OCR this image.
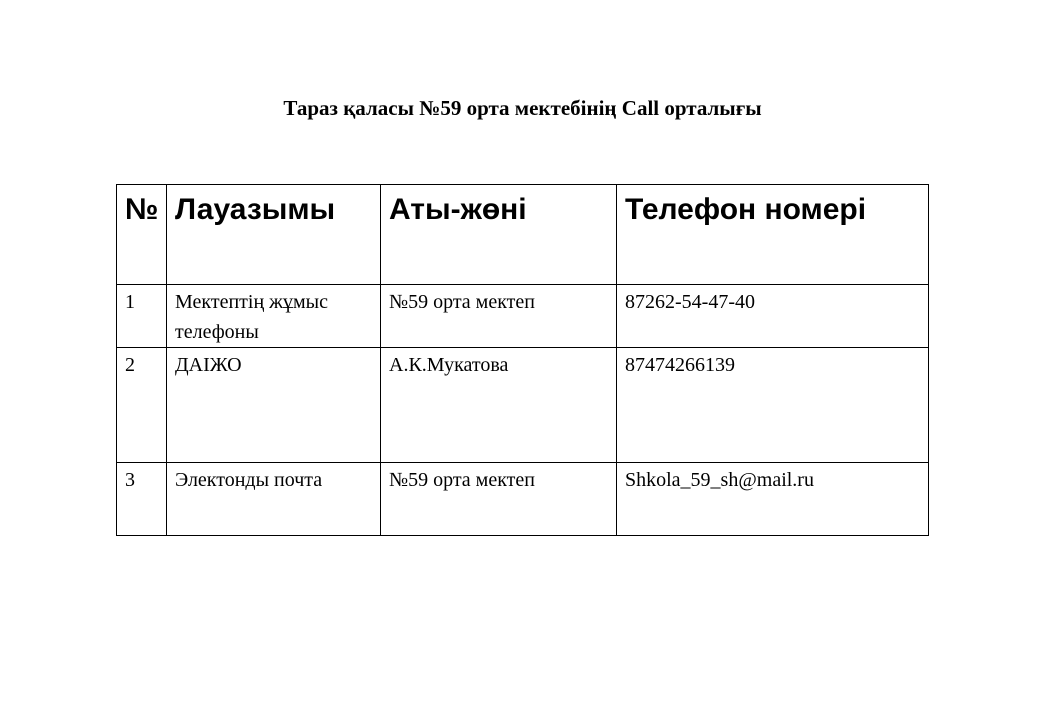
Тараз қаласы №59 орта мектебінің Call орталығы
№	Лауазымы	Аты-жөні	Телефон номері
1	Мектептің жұмыс телефоны	№59 орта мектеп	87262-54-47-40
2	ДАІЖО	А.К.Мукатова	87474266139
3	Электонды почта	№59 орта мектеп	Shkola_59_sh@mail.ru
